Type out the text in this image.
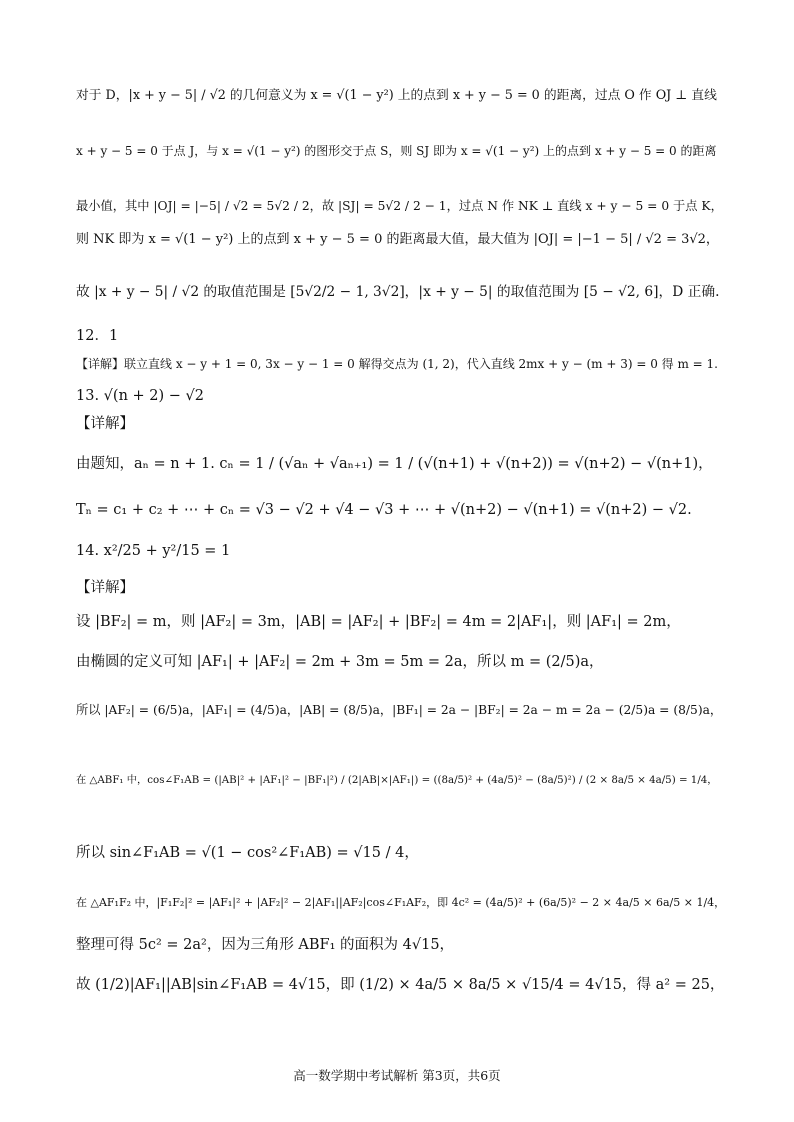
对于 D，|x + y − 5| / √2 的几何意义为 x = √(1 − y²) 上的点到 x + y − 5 = 0 的距离，过点 O 作 OJ ⊥ 直线
x + y − 5 = 0 于点 J，与 x = √(1 − y²) 的图形交于点 S，则 SJ 即为 x = √(1 − y²) 上的点到 x + y − 5 = 0 的距离
最小值，其中 |OJ| = |−5| / √2 = 5√2 / 2，故 |SJ| = 5√2 / 2 − 1，过点 N 作 NK ⊥ 直线 x + y − 5 = 0 于点 K，
则 NK 即为 x = √(1 − y²) 上的点到 x + y − 5 = 0 的距离最大值，最大值为 |OJ| = |−1 − 5| / √2 = 3√2，
故 |x + y − 5| / √2 的取值范围是 [5√2/2 − 1, 3√2]，|x + y − 5| 的取值范围为 [5 − √2, 6]，D 正确.
12．1
【详解】联立直线 x − y + 1 = 0, 3x − y − 1 = 0 解得交点为 (1, 2)，代入直线 2mx + y − (m + 3) = 0 得 m = 1.
13. √(n + 2) − √2
【详解】
由题知，aₙ = n + 1. cₙ = 1 / (√aₙ + √aₙ₊₁) = 1 / (√(n+1) + √(n+2)) = √(n+2) − √(n+1)，
Tₙ = c₁ + c₂ + ⋯ + cₙ = √3 − √2 + √4 − √3 + ⋯ + √(n+2) − √(n+1) = √(n+2) − √2.
14. x²/25 + y²/15 = 1
【详解】
设 |BF₂| = m，则 |AF₂| = 3m，|AB| = |AF₂| + |BF₂| = 4m = 2|AF₁|，则 |AF₁| = 2m，
由椭圆的定义可知 |AF₁| + |AF₂| = 2m + 3m = 5m = 2a，所以 m = (2/5)a，
所以 |AF₂| = (6/5)a，|AF₁| = (4/5)a，|AB| = (8/5)a，|BF₁| = 2a − |BF₂| = 2a − m = 2a − (2/5)a = (8/5)a，
在 △ABF₁ 中，cos∠F₁AB = (|AB|² + |AF₁|² − |BF₁|²) / (2|AB|×|AF₁|) = ((8a/5)² + (4a/5)² − (8a/5)²) / (2 × 8a/5 × 4a/5) = 1/4，
所以 sin∠F₁AB = √(1 − cos²∠F₁AB) = √15 / 4，
在 △AF₁F₂ 中，|F₁F₂|² = |AF₁|² + |AF₂|² − 2|AF₁||AF₂|cos∠F₁AF₂，即 4c² = (4a/5)² + (6a/5)² − 2 × 4a/5 × 6a/5 × 1/4，
整理可得 5c² = 2a²，因为三角形 ABF₁ 的面积为 4√15，
故 (1/2)|AF₁||AB|sin∠F₁AB = 4√15，即 (1/2) × 4a/5 × 8a/5 × √15/4 = 4√15，得 a² = 25，
高一数学期中考试解析 第3页，共6页
